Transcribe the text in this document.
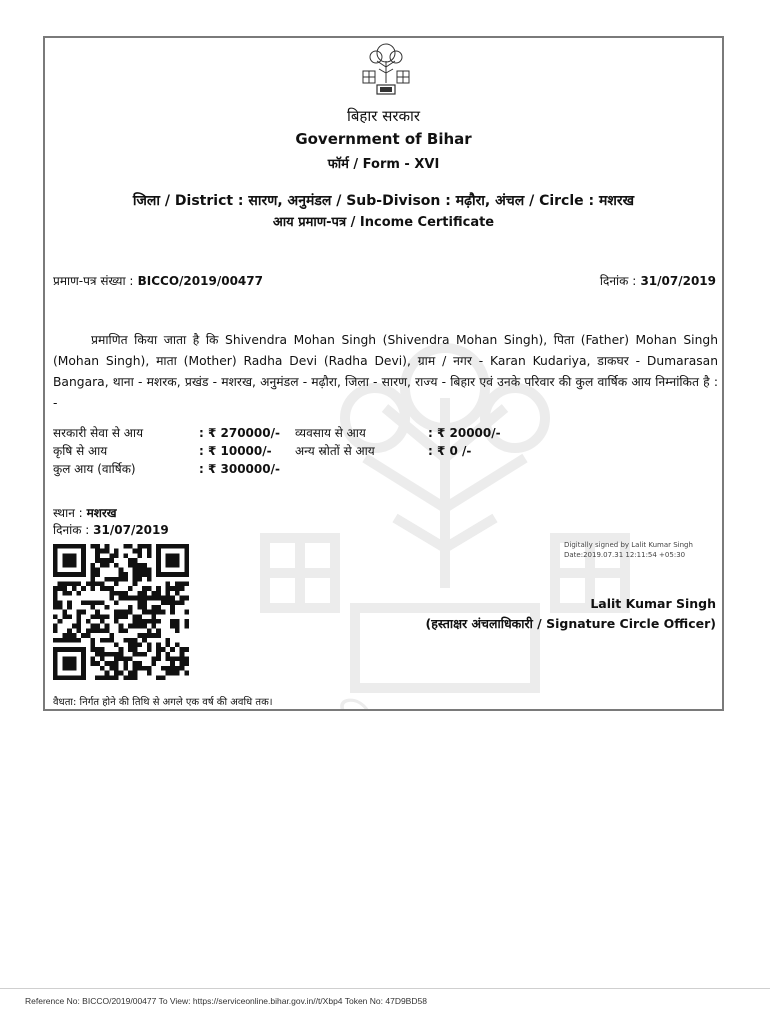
बिहार सरकार
बिहार सरकार
Government of Bihar
फॉर्म / Form - XVI
जिला / District : सारण, अनुमंडल / Sub-Divison : मढ़ौरा, अंचल / Circle : मशरख
आय प्रमाण-पत्र / Income Certificate
प्रमाण-पत्र संख्या : BICCO/2019/00477	दिनांक : 31/07/2019
प्रमाणित किया जाता है कि Shivendra Mohan Singh (Shivendra Mohan Singh), पिता (Father) Mohan Singh (Mohan Singh), माता (Mother) Radha Devi (Radha Devi), ग्राम / नगर - Karan Kudariya, डाकघर - Dumarasan Bangara, थाना - मशरक, प्रखंड - मशरख, अनुमंडल - मढ़ौरा, जिला - सारण, राज्य - बिहार एवं उनके परिवार की कुल वार्षिक आय निम्नांकित है : -
सरकारी सेवा से आय	: ₹ 270000/-	व्यवसाय से आय	: ₹ 20000/-
कृषि से आय	: ₹ 10000/-	अन्य स्रोतों से आय	: ₹ 0 /-
कुल आय (वार्षिक)	: ₹ 300000/-		
स्थान : मशरख
दिनांक : 31/07/2019
Digitally signed by Lalit Kumar Singh
Date:2019.07.31 12:11:54 +05:30
Lalit Kumar Singh
(हस्ताक्षर अंचलाधिकारी / Signature Circle Officer)
वैधता: निर्गत होने की तिथि से अगले एक वर्ष की अवधि तक।
Reference No: BICCO/2019/00477 To View: https://serviceonline.bihar.gov.in//t/Xbp4 Token No: 47D9BD58
